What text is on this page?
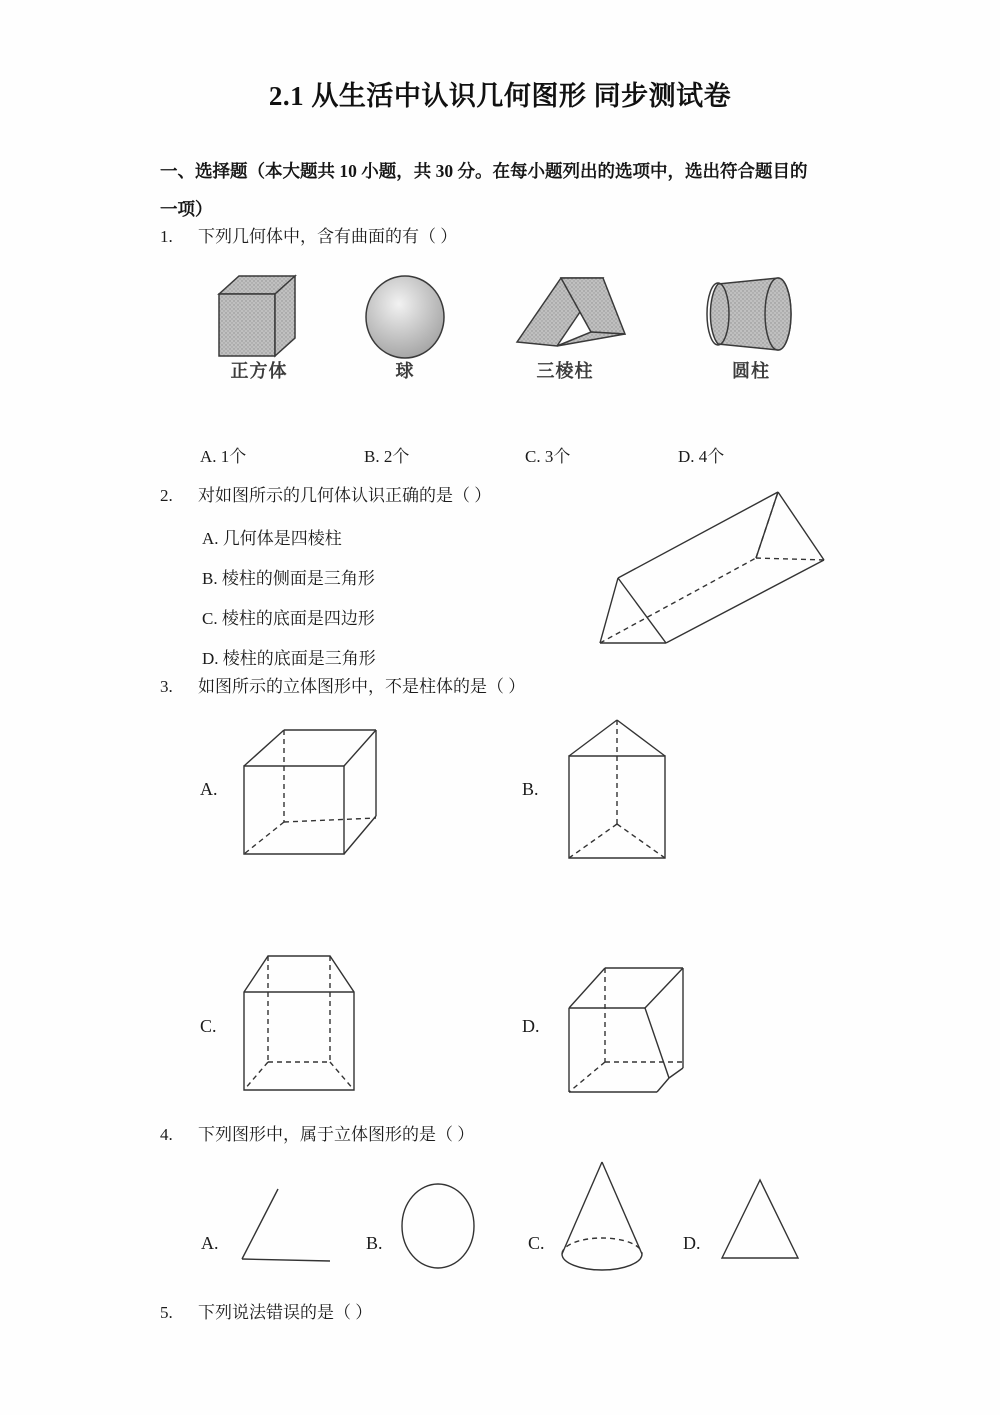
2.1 从生活中认识几何图形 同步测试卷
一、选择题（本大题共 10 小题，共 30 分。在每小题列出的选项中，选出符合题目的
一项）
1. 下列几何体中，含有曲面的有（ ）
正方体	球	三棱柱	圆柱
A. 1个	B. 2个	C. 3个	D. 4个
2. 对如图所示的几何体认识正确的是（ ）
A. 几何体是四棱柱
B. 棱柱的侧面是三角形
C. 棱柱的底面是四边形
D. 棱柱的底面是三角形
3. 如图所示的立体图形中，不是柱体的是（ ）
A.	B.
C.	D.
4. 下列图形中，属于立体图形的是（ ）
A.	B.	C.	D.
5. 下列说法错误的是（ ）
